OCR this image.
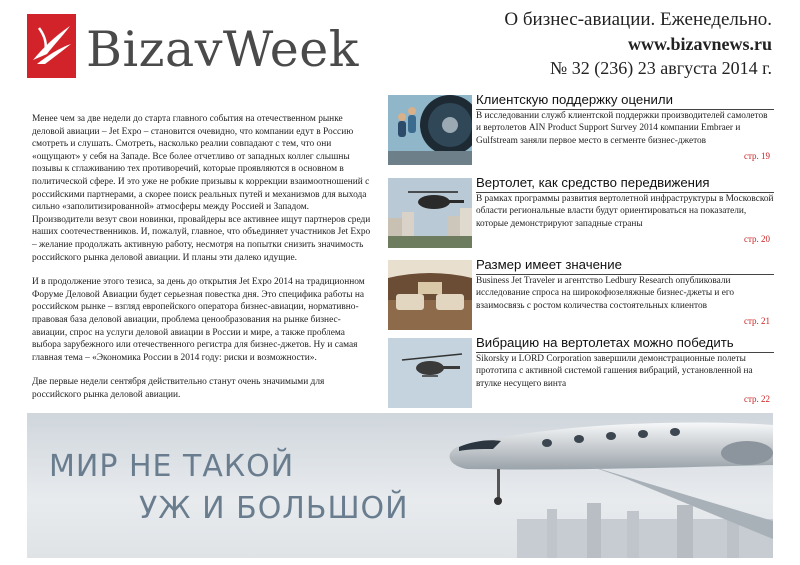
BizavWeek
О бизнес-авиации. Еженедельно.
www.bizavnews.ru
№ 32 (236) 23 августа 2014 г.

Менее чем за две недели до старта главного события на отечественном рынке деловой авиации – Jet Expo – становится очевидно, что компании едут в Россию смотреть и слушать. Смотреть, насколько реалии совпадают с тем, что они «ощущают» у себя на Западе. Все более отчетливо от западных коллег слышны позывы к сглаживанию тех противоречий, которые проявляются в основном в политической сфере. И это уже не робкие призывы к коррекции взаимоотношений с российскими партнерами, а скорее поиск реальных путей и механизмов для выхода сильно «заполитизированной» атмосферы между Россией и Западом. Производители везут свои новинки, провайдеры все активнее ищут партнеров среди наших соотечественников. И, пожалуй, главное, что объединяет участников Jet Expo – желание продолжать активную работу, несмотря на попытки снизить значимость российского рынка деловой авиации. И планы эти далеко идущие.

И в продолжение этого тезиса, за день до открытия Jet Expo 2014 на традиционном Форуме Деловой Авиации будет серьезная повестка дня. Это специфика работы на российском рынке – взгляд европейского оператора бизнес-авиации, нормативно-правовая база деловой авиации, проблема ценообразования на рынке бизнес-авиации, спрос на услуги деловой авиации в России и мире, а также проблема выбора зарубежного или отечественного регистра для бизнес-джетов. Ну и самая главная тема – «Экономика России в 2014 году: риски и возможности».

Две первые недели сентября действительно станут очень значимыми для российского рынка деловой авиации.

Клиентскую поддержку оценили
В исследовании служб клиентской поддержки производителей самолетов и вертолетов AIN Product Support Survey 2014 компании Embraer и Gulfstream заняли первое место в сегменте бизнес-джетов
стр. 19
Вертолет, как средство передвижения
В рамках программы развития вертолетной инфраструктуры в Московской области региональные власти будут ориентироваться на показатели, которые демонстрируют западные страны
стр. 20
Размер имеет значение
Business Jet Traveler и агентство Ledbury Research опубликовали исследование спроса на широкофюзеляжные бизнес-джеты и его взаимосвязь с ростом количества состоятельных клиентов
стр. 21
Вибрацию на вертолетах можно победить
Sikorsky и LORD Corporation завершили демонстрационные полеты прототипа с активной системой гашения вибраций, установленной на втулке несущего винта
стр. 22
МИР НЕ ТАКОЙ
УЖ И БОЛЬШОЙ
